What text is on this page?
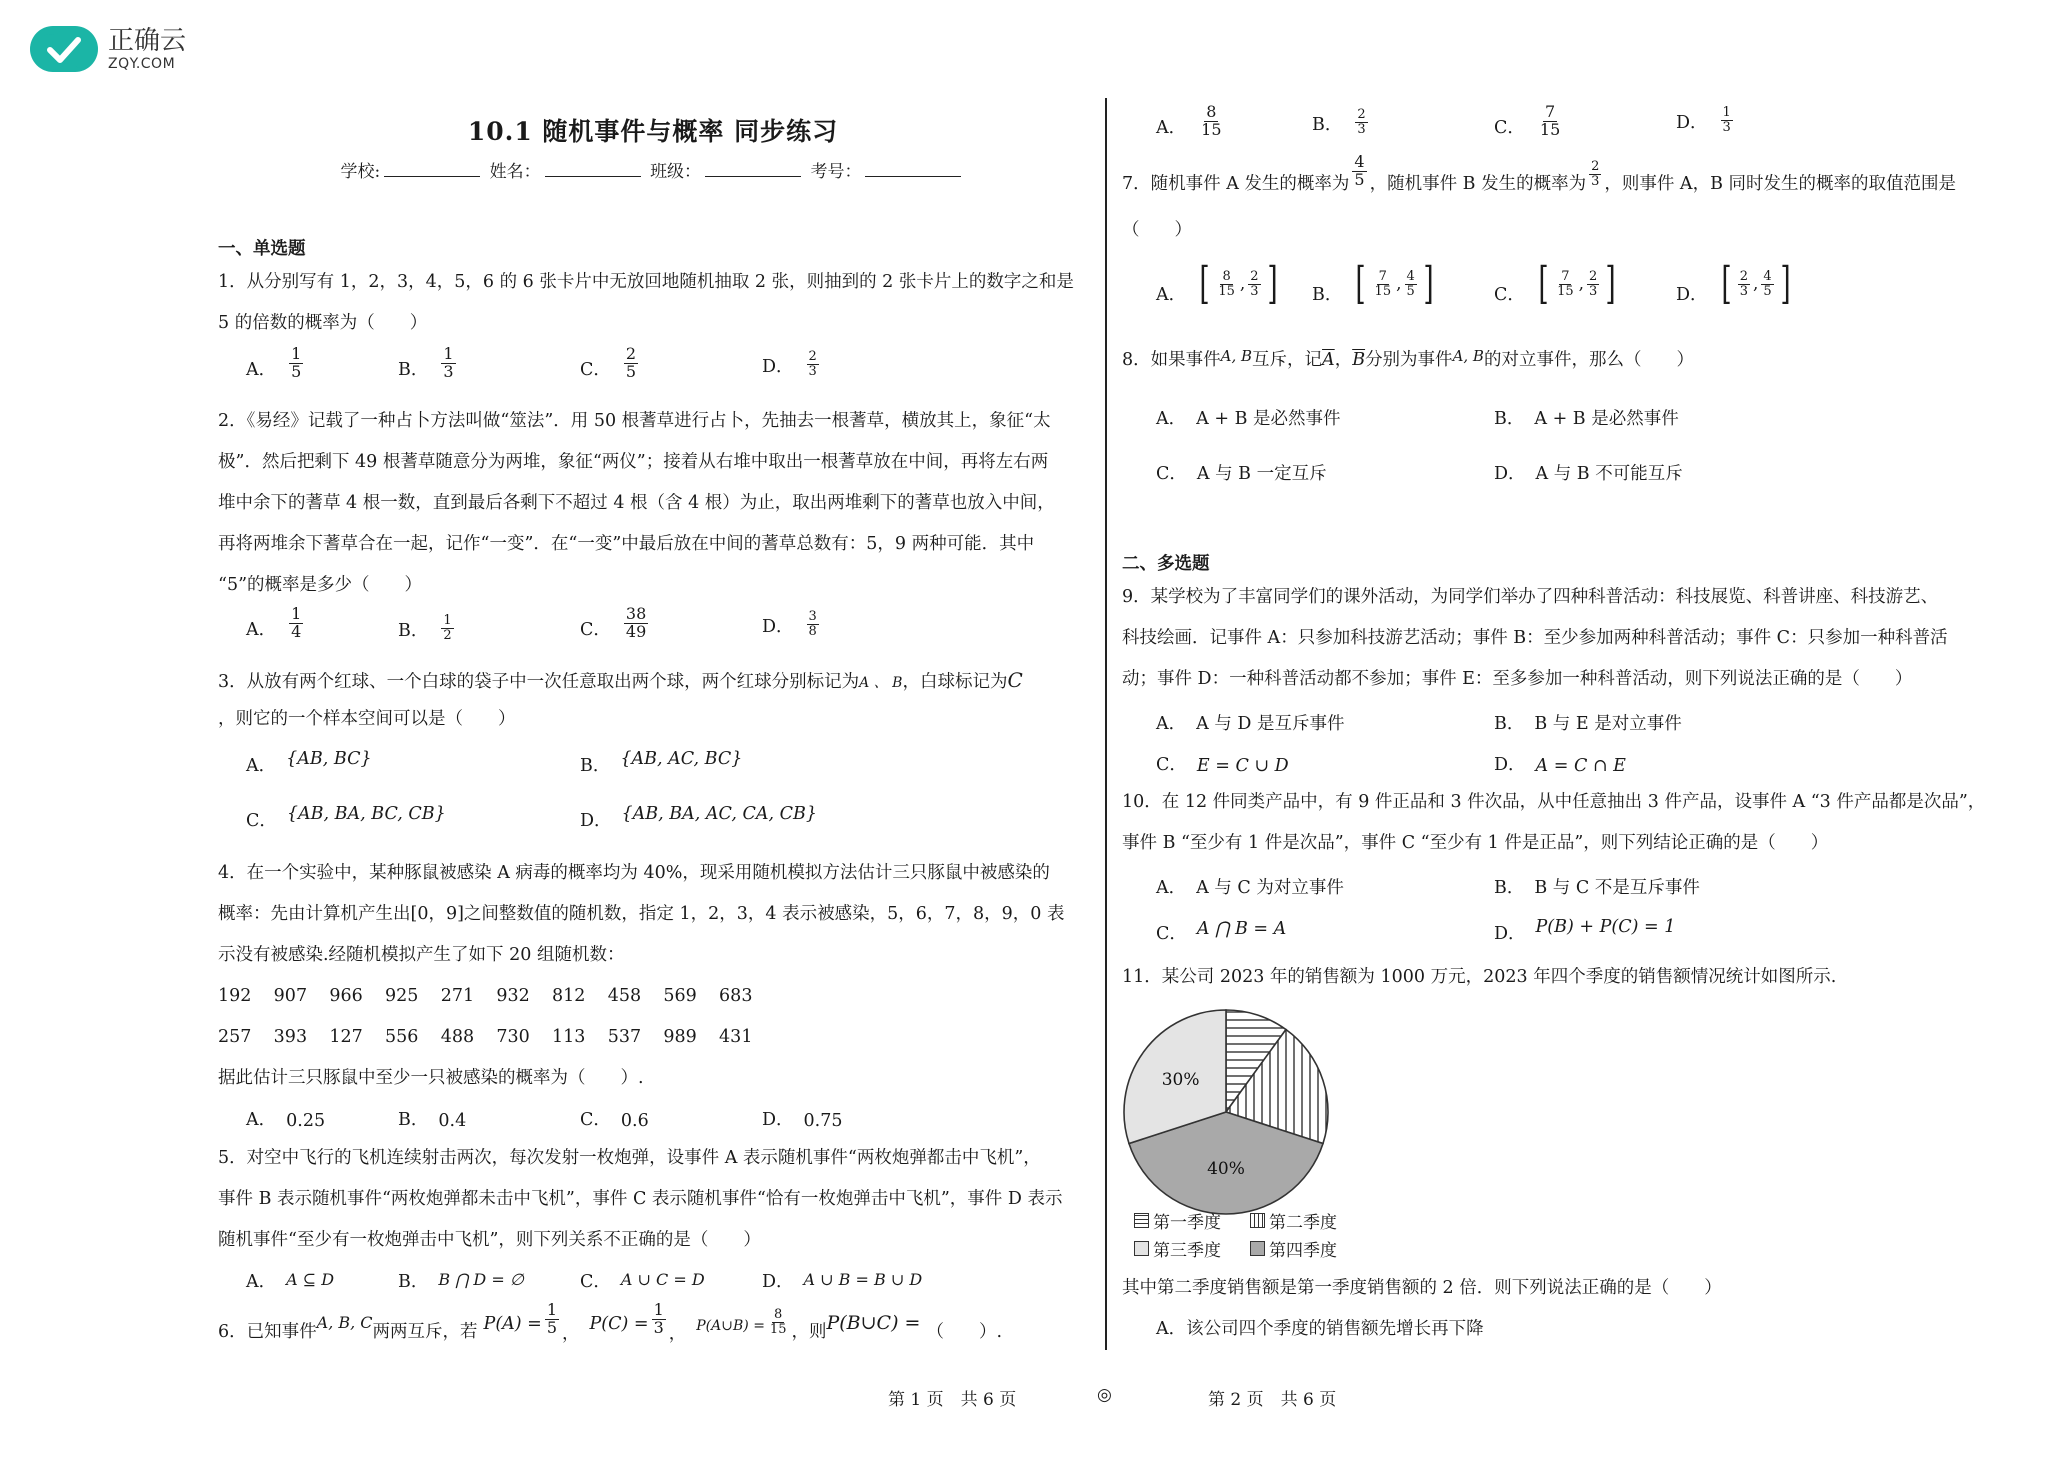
正确云
ZQY.COM
10.1 随机事件与概率 同步练习
学校:	姓名：	班级：	考号：
一、单选题
1．从分别写有 1，2，3，4，5，6 的 6 张卡片中无放回地随机抽取 2 张，则抽到的 2 张卡片上的数字之和是
5 的倍数的概率为（　　）
A． $\frac{1}{5}$	B． $\frac{1}{3}$	C． $\frac{2}{5}$	D． $\frac{2}{3}$
2．《易经》记载了一种占卜方法叫做“筮法”．用 50 根蓍草进行占卜，先抽去一根蓍草，横放其上，象征“太
极”．然后把剩下 49 根蓍草随意分为两堆，象征“两仪”；接着从右堆中取出一根蓍草放在中间，再将左右两
堆中余下的蓍草 4 根一数，直到最后各剩下不超过 4 根（含 4 根）为止，取出两堆剩下的蓍草也放入中间，
再将两堆余下蓍草合在一起，记作“一变”．在“一变”中最后放在中间的蓍草总数有：5，9 两种可能．其中
“5”的概率是多少（　　）
A． $\frac{1}{4}$	B． $\frac{1}{2}$	C． $\frac{38}{49}$	D． $\frac{3}{8}$
3．从放有两个红球、一个白球的袋子中一次任意取出两个球，两个红球分别标记为A 、 B，白球标记为C
，则它的一个样本空间可以是（　　）
A． {AB, BC}	B． {AB, AC, BC}
C． {AB, BA, BC, CB}	D． {AB, BA, AC, CA, CB}
4．在一个实验中，某种豚鼠被感染 A 病毒的概率均为 40%，现采用随机模拟方法估计三只豚鼠中被感染的
概率：先由计算机产生出[0，9]之间整数值的随机数，指定 1，2，3，4 表示被感染，5，6，7，8，9，0 表
示没有被感染.经随机模拟产生了如下 20 组随机数：
192 907 966 925 271 932 812 458 569 683
257 393 127 556 488 730 113 537 989 431
据此估计三只豚鼠中至少一只被感染的概率为（　　）.
A． 0.25	B． 0.4	C． 0.6	D． 0.75
5．对空中飞行的飞机连续射击两次，每次发射一枚炮弹，设事件 A 表示随机事件“两枚炮弹都击中飞机”，
事件 B 表示随机事件“两枚炮弹都未击中飞机”，事件 C 表示随机事件“恰有一枚炮弹击中飞机”，事件 D 表示
随机事件“至少有一枚炮弹击中飞机”，则下列关系不正确的是（　　）
A． A ⊆ D	B． B ⋂ D = ∅	C． A ∪ C = D	D． A ∪ B = B ∪ D
6．已知事件 A, B, C 两两互斥，若 $P(A) = \frac{1}{5}$ ， $P(C) = \frac{1}{3}$ ， P(A∪B) = $\frac{8}{15}$ ，则 P(B∪C) = （　　）.
A． $\frac{8}{15}$	B． $\frac{2}{3}$	C． $\frac{7}{15}$	D． $\frac{1}{3}$
7．随机事件 A 发生的概率为 $\frac{4}{5}$ ，随机事件 B 发生的概率为 $\frac{2}{3}$ ，则事件 A，B 同时发生的概率的取值范围是
（　　）
A． [ $\frac{8}{15}$ , $\frac{2}{3}$ ] B． [ $\frac{7}{15}$ , $\frac{4}{5}$ ]	C． [ $\frac{7}{15}$ , $\frac{2}{3}$ ]	D． [ $\frac{2}{3}$ , $\frac{4}{5}$ ]
8．如果事件 A, B 互斥，记 $\overline{A}$ ， $\overline{B}$ 分别为事件 A, B 的对立事件，那么（　　）
A． A + B 是必然事件	B． A + B 是必然事件
C． A 与 B 一定互斥	D． A 与 B 不可能互斥
二、多选题
9．某学校为了丰富同学们的课外活动，为同学们举办了四种科普活动：科技展览、科普讲座、科技游艺、
科技绘画．记事件 A：只参加科技游艺活动；事件 B：至少参加两种科普活动；事件 C：只参加一种科普活
动；事件 D：一种科普活动都不参加；事件 E：至多参加一种科普活动，则下列说法正确的是（　　）
A． A 与 D 是互斥事件	B． B 与 E 是对立事件
C． E = C ∪ D	D． A = C ∩ E
10．在 12 件同类产品中，有 9 件正品和 3 件次品，从中任意抽出 3 件产品，设事件 A “3 件产品都是次品”，
事件 B “至少有 1 件是次品”，事件 C “至少有 1 件是正品”，则下列结论正确的是（　　）
A． A 与 C 为对立事件	B． B 与 C 不是互斥事件
C． A ⋂ B = A	D． P(B) + P(C) = 1
11．某公司 2023 年的销售额为 1000 万元，2023 年四个季度的销售额情况统计如图所示.
40%
30%
第一季度	第二季度
第三季度	第四季度
其中第二季度销售额是第一季度销售额的 2 倍．则下列说法正确的是（　　）
A．该公司四个季度的销售额先增长再下降
第 1 页　共 6 页	◎	第 2 页　共 6 页
